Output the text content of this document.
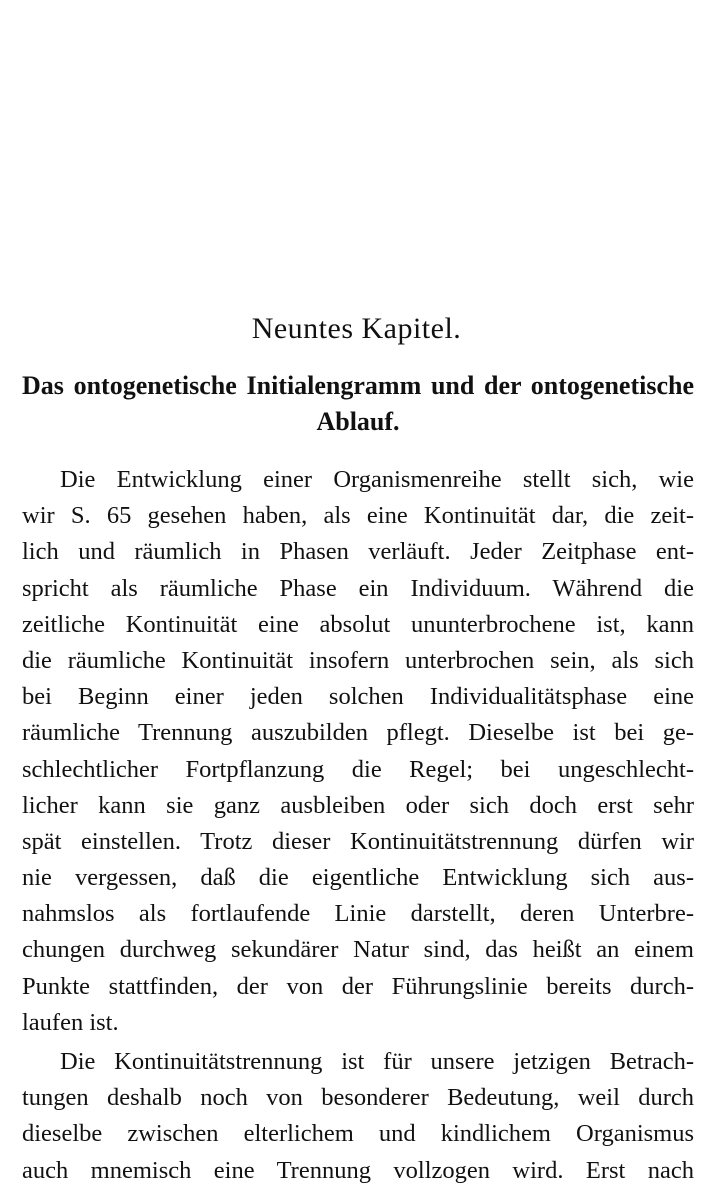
Neuntes Kapitel.
Das ontogenetische Initialengramm und der ontogenetische
Ablauf.
Die Entwicklung einer Organismenreihe stellt sich, wie
wir S. 65 gesehen haben, als eine Kontinuität dar, die zeit-
lich und räumlich in Phasen verläuft. Jeder Zeitphase ent-
spricht als räumliche Phase ein Individuum. Während die
zeitliche Kontinuität eine absolut ununterbrochene ist, kann
die räumliche Kontinuität insofern unterbrochen sein, als sich
bei Beginn einer jeden solchen Individualitätsphase eine
räumliche Trennung auszubilden pflegt. Dieselbe ist bei ge-
schlechtlicher Fortpflanzung die Regel; bei ungeschlecht-
licher kann sie ganz ausbleiben oder sich doch erst sehr
spät einstellen. Trotz dieser Kontinuitätstrennung dürfen wir
nie vergessen, daß die eigentliche Entwicklung sich aus-
nahmslos als fortlaufende Linie darstellt, deren Unterbre-
chungen durchweg sekundärer Natur sind, das heißt an einem
Punkte stattfinden, der von der Führungslinie bereits durch-
laufen ist.
Die Kontinuitätstrennung ist für unsere jetzigen Betrach-
tungen deshalb noch von besonderer Bedeutung, weil durch
dieselbe zwischen elterlichem und kindlichem Organismus
auch mnemisch eine Trennung vollzogen wird. Erst nach
